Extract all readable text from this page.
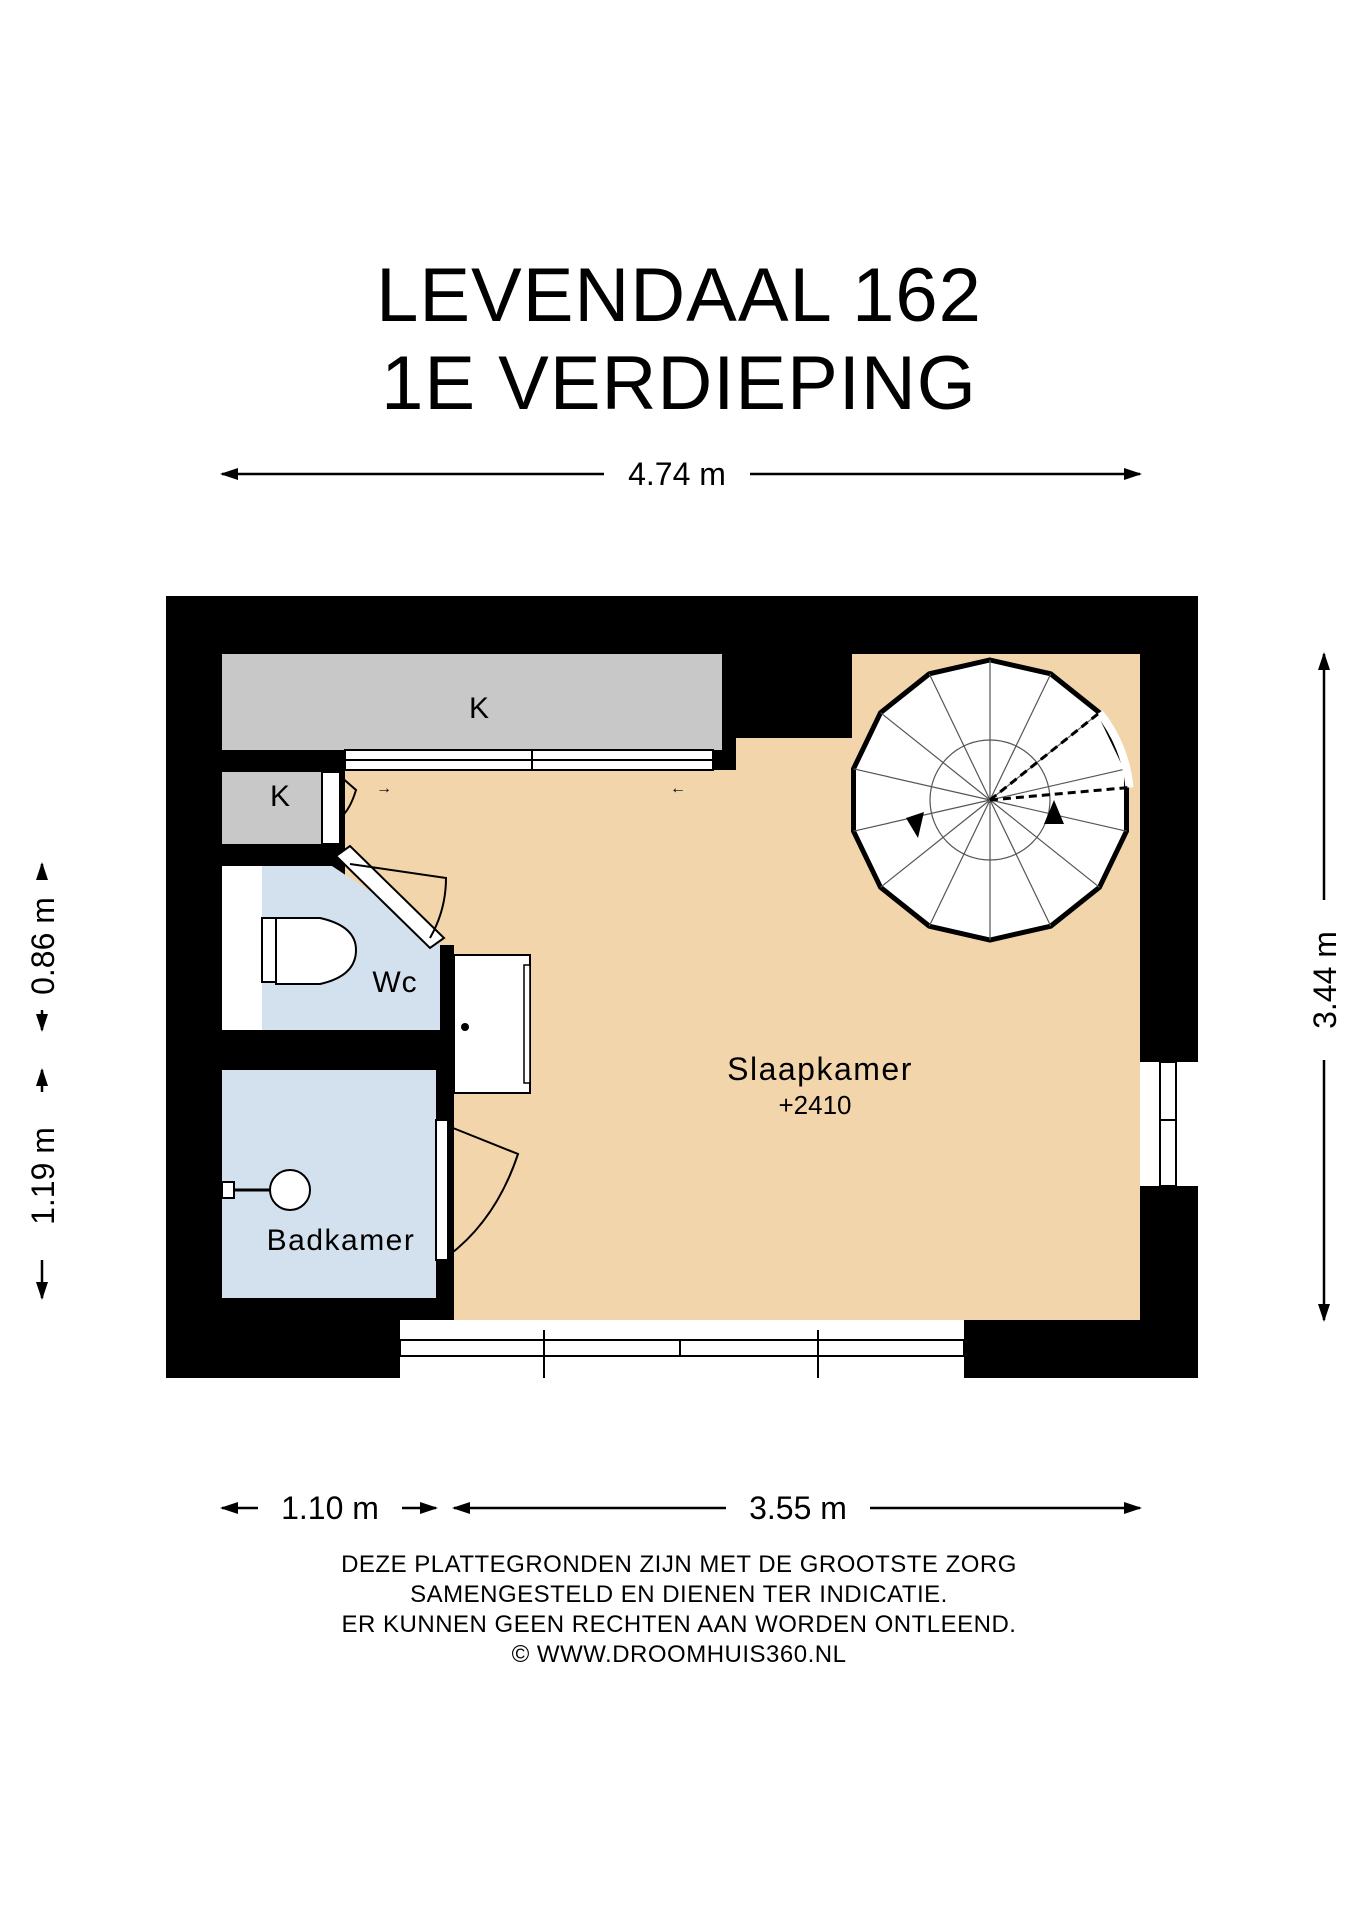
LEVENDAAL 162
1E VERDIEPING
→	←
K
K
Wc
Badkamer
Slaapkamer
+2410
4.74 m
3.44 m
0.86 m
1.19 m
1.10 m	3.55 m
DEZE PLATTEGRONDEN ZIJN MET DE GROOTSTE ZORG
SAMENGESTELD EN DIENEN TER INDICATIE.
ER KUNNEN GEEN RECHTEN AAN WORDEN ONTLEEND.
© WWW.DROOMHUIS360.NL
